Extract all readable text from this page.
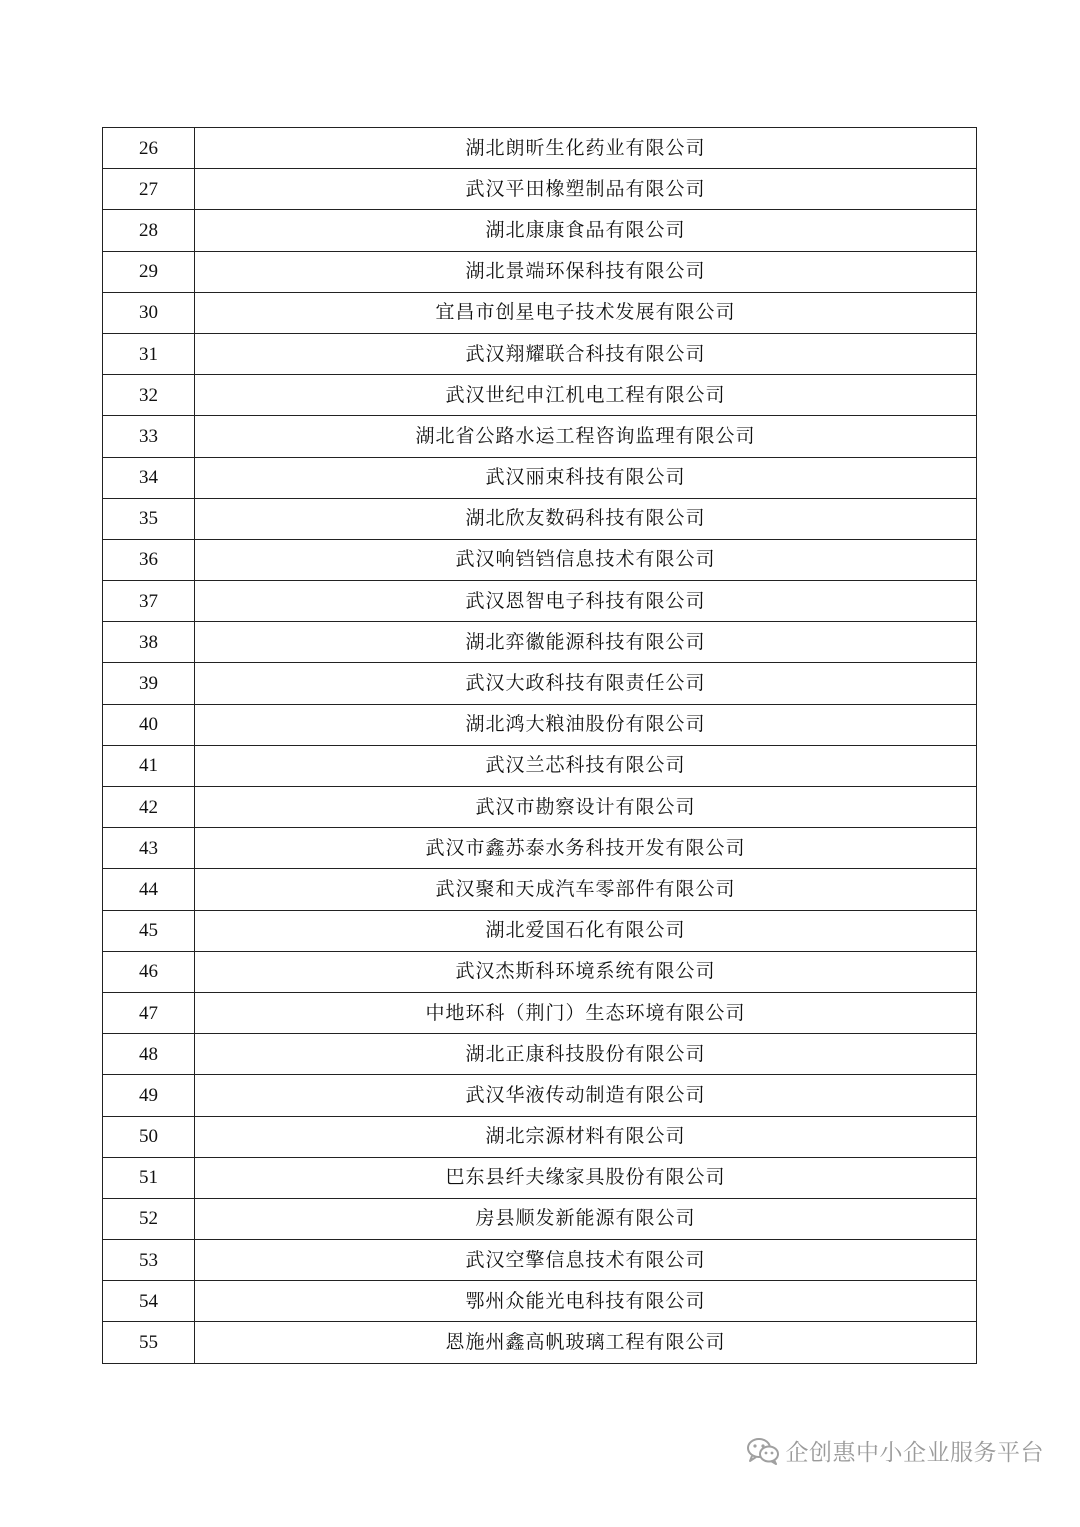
26	湖北朗昕生化药业有限公司
27	武汉平田橡塑制品有限公司
28	湖北康康食品有限公司
29	湖北景端环保科技有限公司
30	宜昌市创星电子技术发展有限公司
31	武汉翔耀联合科技有限公司
32	武汉世纪申江机电工程有限公司
33	湖北省公路水运工程咨询监理有限公司
34	武汉丽束科技有限公司
35	湖北欣友数码科技有限公司
36	武汉响铛铛信息技术有限公司
37	武汉恩智电子科技有限公司
38	湖北弈徽能源科技有限公司
39	武汉大政科技有限责任公司
40	湖北鸿大粮油股份有限公司
41	武汉兰芯科技有限公司
42	武汉市勘察设计有限公司
43	武汉市鑫苏泰水务科技开发有限公司
44	武汉聚和天成汽车零部件有限公司
45	湖北爱国石化有限公司
46	武汉杰斯科环境系统有限公司
47	中地环科（荆门）生态环境有限公司
48	湖北正康科技股份有限公司
49	武汉华液传动制造有限公司
50	湖北宗源材料有限公司
51	巴东县纤夫缘家具股份有限公司
52	房县顺发新能源有限公司
53	武汉空擎信息技术有限公司
54	鄂州众能光电科技有限公司
55	恩施州鑫高帆玻璃工程有限公司
企创惠中小企业服务平台
